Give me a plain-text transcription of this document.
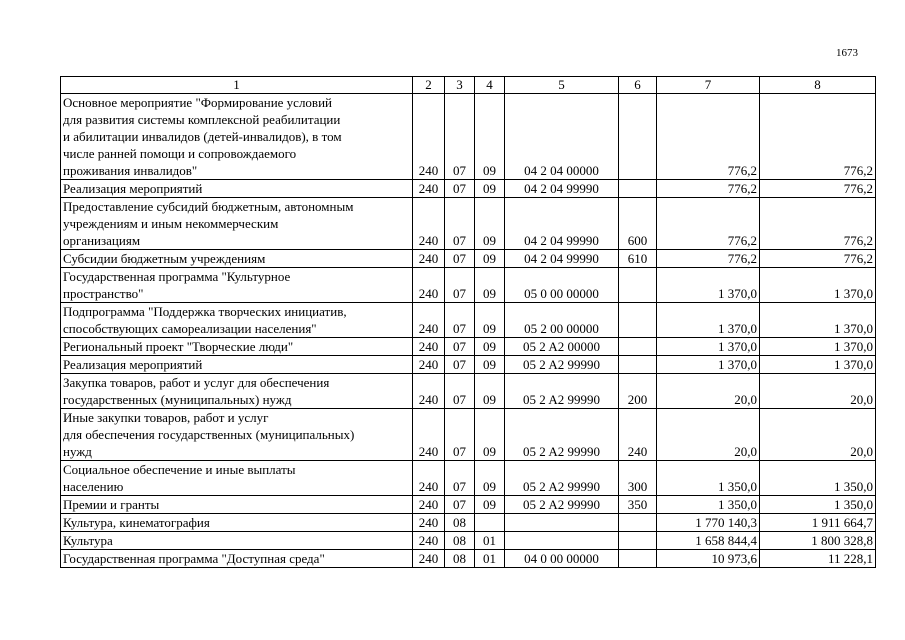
1673
1	2	3	4	5	6	7	8
Основное мероприятие "Формирование условий
для развития системы комплексной реабилитации
и абилитации инвалидов (детей-инвалидов), в том
числе ранней помощи и сопровождаемого
проживания инвалидов"	240	07	09	04 2 04 00000		776,2	776,2
Реализация мероприятий	240	07	09	04 2 04 99990		776,2	776,2
Предоставление субсидий бюджетным, автономным
учреждениям и иным некоммерческим
организациям	240	07	09	04 2 04 99990	600	776,2	776,2
Субсидии бюджетным учреждениям	240	07	09	04 2 04 99990	610	776,2	776,2
Государственная программа "Культурное
пространство"	240	07	09	05 0 00 00000		1 370,0	1 370,0
Подпрограмма "Поддержка творческих инициатив,
способствующих самореализации населения"	240	07	09	05 2 00 00000		1 370,0	1 370,0
Региональный проект "Творческие люди"	240	07	09	05 2 A2 00000		1 370,0	1 370,0
Реализация мероприятий	240	07	09	05 2 A2 99990		1 370,0	1 370,0
Закупка товаров, работ и услуг для обеспечения
государственных (муниципальных) нужд	240	07	09	05 2 A2 99990	200	20,0	20,0
Иные закупки товаров, работ и услуг
для обеспечения государственных (муниципальных)
нужд	240	07	09	05 2 A2 99990	240	20,0	20,0
Социальное обеспечение и иные выплаты
населению	240	07	09	05 2 A2 99990	300	1 350,0	1 350,0
Премии и гранты	240	07	09	05 2 A2 99990	350	1 350,0	1 350,0
Культура, кинематография	240	08				1 770 140,3	1 911 664,7
Культура	240	08	01			1 658 844,4	1 800 328,8
Государственная программа "Доступная среда"	240	08	01	04 0 00 00000		10 973,6	11 228,1
